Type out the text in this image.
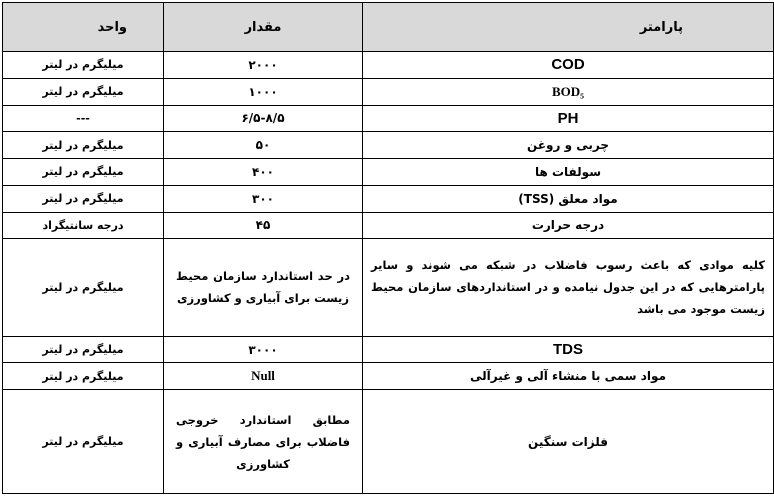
پارامتر	مقدار	واحد
COD	۲۰۰۰	میلیگرم در لیتر
BOD₅	۱۰۰۰	میلیگرم در لیتر
PH	۶/۵-۸/۵	---
چربی و روغن	۵۰	میلیگرم در لیتر
سولفات ها	۴۰۰	میلیگرم در لیتر
مواد معلق (TSS)	۳۰۰	میلیگرم در لیتر
درجه حرارت	۴۵	درجه سانتیگراد
کلیه موادی که باعث رسوب فاضلاب در شبکه می شوند و سایر پارامترهایی که در این جدول نیامده و در استانداردهای سازمان محیط زیست موجود می باشد	در حد استاندارد سازمان محیط زیست برای آبیاری و کشاورزی	میلیگرم در لیتر
TDS	۳۰۰۰	میلیگرم در لیتر
مواد سمی با منشاء آلی و غیرآلی	Null	میلیگرم در لیتر
فلزات سنگین	مطابق استاندارد خروجی فاضلاب برای مصارف آبیاری و کشاورزی	میلیگرم در لیتر
